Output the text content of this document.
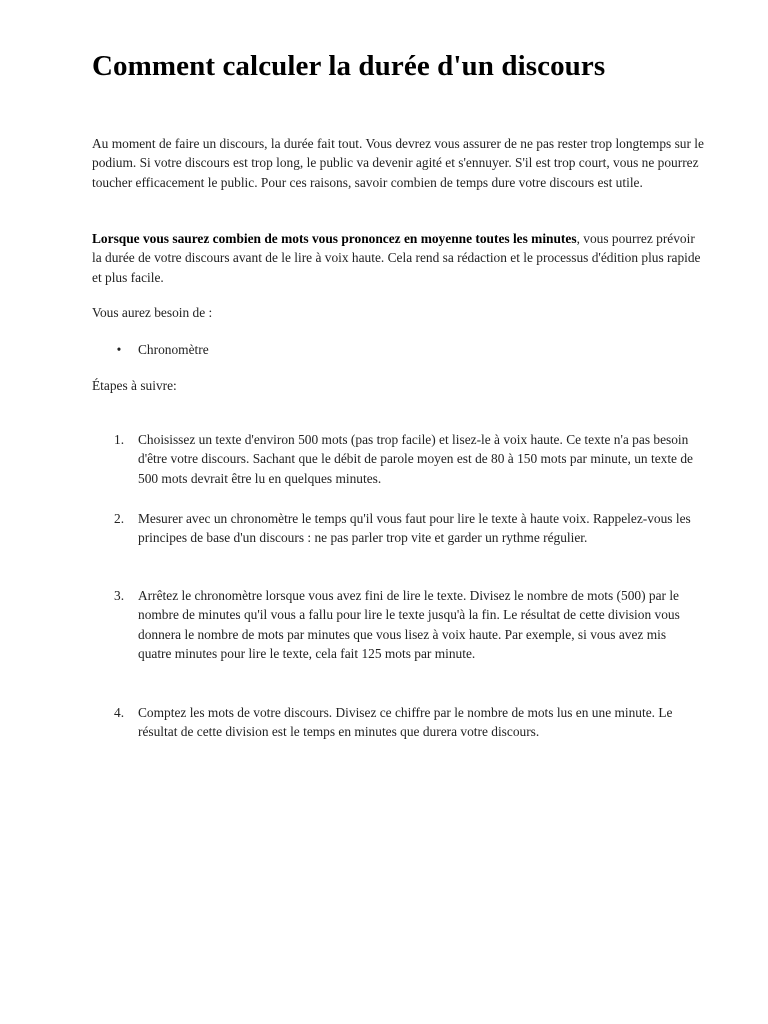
Comment calculer la durée d'un discours

Au moment de faire un discours, la durée fait tout. Vous devrez vous assurer de ne pas rester trop longtemps sur le podium. Si votre discours est trop long, le public va devenir agité et s'ennuyer. S'il est trop court, vous ne pourrez toucher efficacement le public. Pour ces raisons, savoir combien de temps dure votre discours est utile.

Lorsque vous saurez combien de mots vous prononcez en moyenne toutes les minutes, vous pourrez prévoir la durée de votre discours avant de le lire à voix haute. Cela rend sa rédaction et le processus d'édition plus rapide et plus facile.

Vous aurez besoin de :

• Chronomètre

Étapes à suivre:

1. Choisissez un texte d'environ 500 mots (pas trop facile) et lisez-le à voix haute. Ce texte n'a pas besoin d'être votre discours. Sachant que le débit de parole moyen est de 80 à 150 mots par minute, un texte de 500 mots devrait être lu en quelques minutes.
2. Mesurer avec un chronomètre le temps qu'il vous faut pour lire le texte à haute voix. Rappelez-vous les principes de base d'un discours : ne pas parler trop vite et garder un rythme régulier.
3. Arrêtez le chronomètre lorsque vous avez fini de lire le texte. Divisez le nombre de mots (500) par le nombre de minutes qu'il vous a fallu pour lire le texte jusqu'à la fin. Le résultat de cette division vous donnera le nombre de mots par minutes que vous lisez à voix haute. Par exemple, si vous avez mis quatre minutes pour lire le texte, cela fait 125 mots par minute.
4. Comptez les mots de votre discours. Divisez ce chiffre par le nombre de mots lus en une minute. Le résultat de cette division est le temps en minutes que durera votre discours.
